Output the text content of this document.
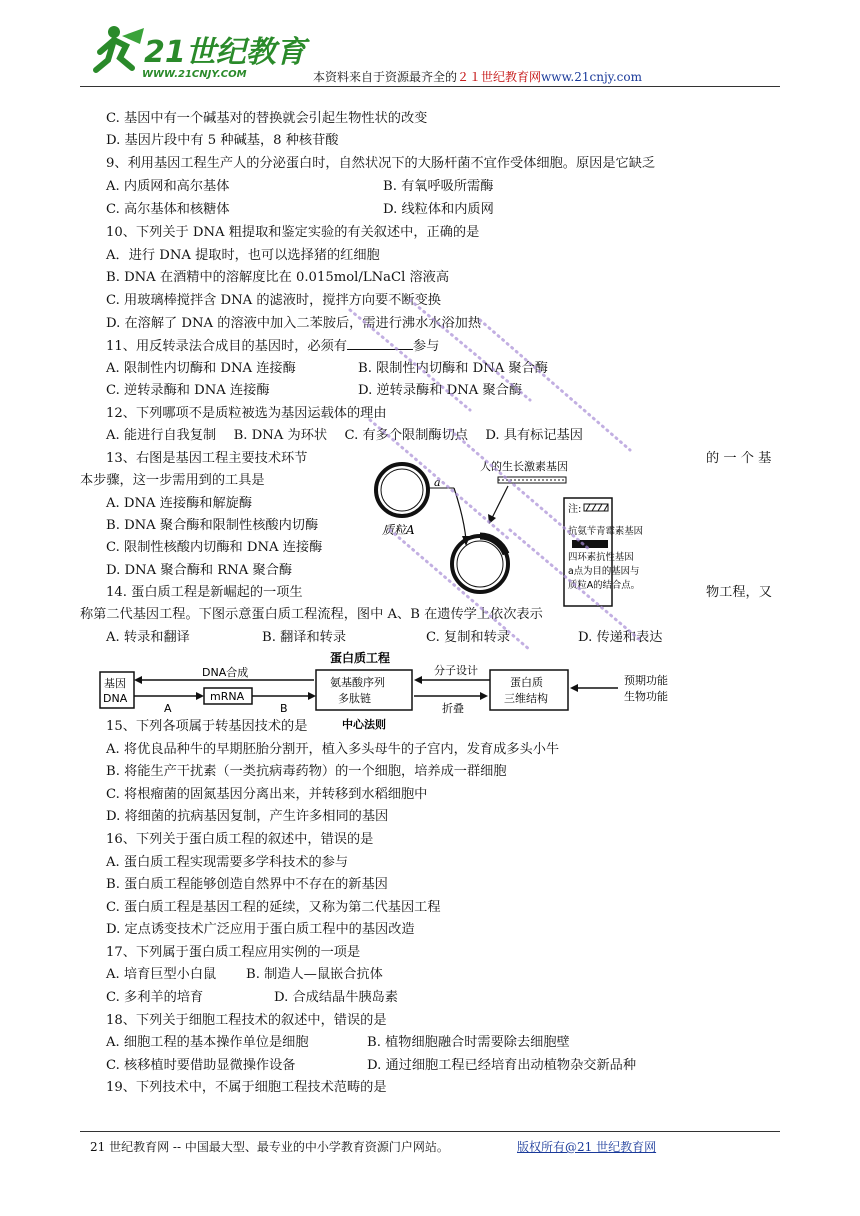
21世纪教育
WWW.21CNJY.COM	本资料来自于资源最齐全的２１世纪教育网www.21cnjy.com
C. 基因中有一个碱基对的替换就会引起生物性状的改变
D. 基因片段中有 5 种碱基，8 种核苷酸
9、利用基因工程生产人的分泌蛋白时，自然状况下的大肠杆菌不宜作受体细胞。原因是它缺乏
A. 内质网和高尔基体	B. 有氧呼吸所需酶
C. 高尔基体和核糖体	D. 线粒体和内质网
10、下列关于 DNA 粗提取和鉴定实验的有关叙述中，正确的是
A．进行 DNA 提取时，也可以选择猪的红细胞
B. DNA 在酒精中的溶解度比在 0.015mol/LNaCl 溶液高
C. 用玻璃棒搅拌含 DNA 的滤液时，搅拌方向要不断变换
D. 在溶解了 DNA 的溶液中加入二苯胺后，需进行沸水水浴加热
11、用反转录法合成目的基因时，必须有	参与
A. 限制性内切酶和 DNA 连接酶	B. 限制性内切酶和 DNA 聚合酶
C. 逆转录酶和 DNA 连接酶	D. 逆转录酶和 DNA 聚合酶
12、下列哪项不是质粒被选为基因运载体的理由
A. 能进行自我复制　 B. DNA 为环状　 C. 有多个限制酶切点　 D. 具有标记基因
13、右图是基因工程主要技术环节	的 一 个 基
本步骤，这一步需用到的工具是
A. DNA 连接酶和解旋酶
B. DNA 聚合酶和限制性核酸内切酶
C. 限制性核酸内切酶和 DNA 连接酶
D. DNA 聚合酶和 RNA 聚合酶
14. 蛋白质工程是新崛起的一项生	物工程，又
称第二代基因工程。下图示意蛋白质工程流程，图中 A、B 在遗传学上依次表示
A. 转录和翻译	B. 翻译和转录	C. 复制和转录	D. 传递和表达
质粒A
a
人的生长激素基因
注:
抗氨苄青霉素基因
四环素抗性基因
a点为目的基因与
质粒A的结合点。
蛋白质工程
DNA合成
基因
DNA
A
mRNA
B
氨基酸序列
多肽链
中心法则
分子设计
折叠
蛋白质
三维结构
预期功能
生物功能
15、下列各项属于转基因技术的是
A. 将优良品种牛的早期胚胎分割开，植入多头母牛的子宫内，发育成多头小牛
B. 将能生产干扰素（一类抗病毒药物）的一个细胞，培养成一群细胞
C. 将根瘤菌的固氮基因分离出来，并转移到水稻细胞中
D. 将细菌的抗病基因复制，产生许多相同的基因
16、下列关于蛋白质工程的叙述中，错误的是
A. 蛋白质工程实现需要多学科技术的参与
B. 蛋白质工程能够创造自然界中不存在的新基因
C. 蛋白质工程是基因工程的延续，又称为第二代基因工程
D. 定点诱变技术广泛应用于蛋白质工程中的基因改造
17、下列属于蛋白质工程应用实例的一项是
A. 培育巨型小白鼠 B. 制造人—鼠嵌合抗体
C. 多利羊的培育	D. 合成结晶牛胰岛素
18、下列关于细胞工程技术的叙述中，错误的是
A. 细胞工程的基本操作单位是细胞	B. 植物细胞融合时需要除去细胞壁
C. 核移植时要借助显微操作设备	D. 通过细胞工程已经培育出动植物杂交新品种
19、下列技术中，不属于细胞工程技术范畴的是
21 世纪教育网 -- 中国最大型、最专业的中小学教育资源门户网站。	版权所有@21 世纪教育网
